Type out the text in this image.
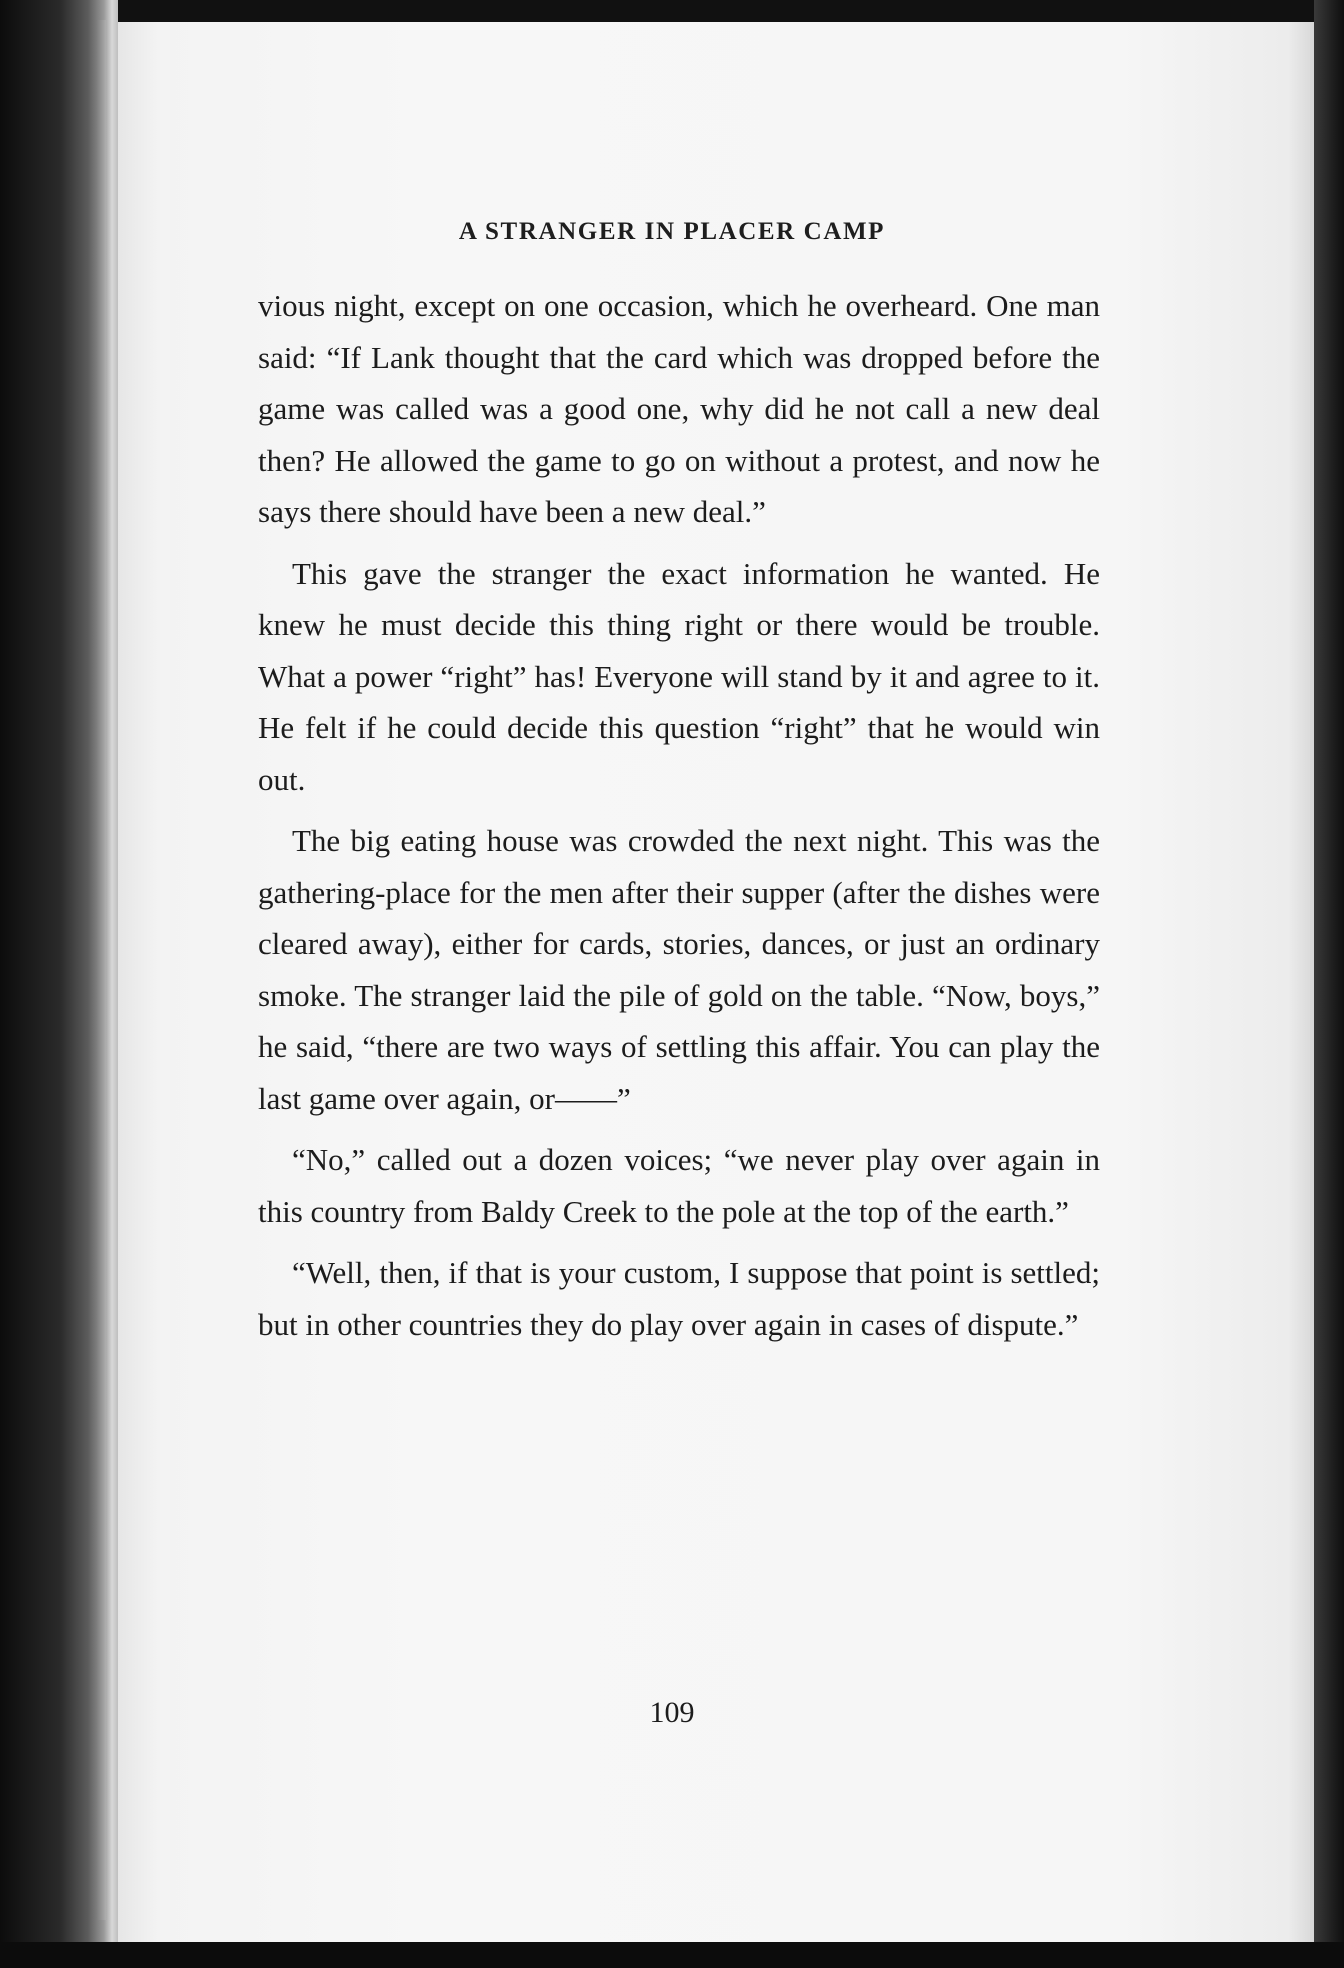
A STRANGER IN PLACER CAMP

vious night, except on one occasion, which he overheard. One man said: “If Lank thought that the card which was dropped before the game was called was a good one, why did he not call a new deal then? He allowed the game to go on without a protest, and now he says there should have been a new deal.”

This gave the stranger the exact information he wanted. He knew he must decide this thing right or there would be trouble. What a power “right” has! Everyone will stand by it and agree to it. He felt if he could decide this question “right” that he would win out.

The big eating house was crowded the next night. This was the gathering-place for the men after their supper (after the dishes were cleared away), either for cards, stories, dances, or just an ordinary smoke. The stranger laid the pile of gold on the table. “Now, boys,” he said, “there are two ways of settling this affair. You can play the last game over again, or——”

“No,” called out a dozen voices; “we never play over again in this country from Baldy Creek to the pole at the top of the earth.”

“Well, then, if that is your custom, I suppose that point is settled; but in other countries they do play over again in cases of dispute.”

109
